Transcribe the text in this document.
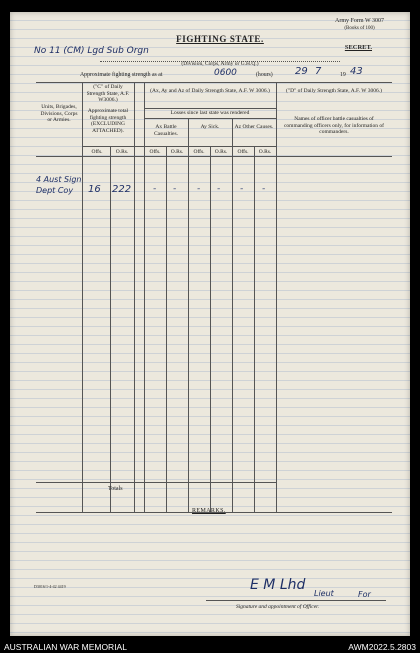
Army Form W 3007
(Books of 100)
FIGHTING STATE.
SECRET.
No 11 (CM) Lgd Sub Orgn
(Division, Corps, Army or G.H.Q.)
Approximate fighting strength as at	0600	(hours) 29 7	19 43
Units, Brigades, Divisions, Corps or Armies.
("C" of Daily Strength State, A.F. W3006.)
Approximate total fighting strength (EXCLUDING ATTACHED).
(Ax, Ay and Az of Daily Strength State, A.F. W 3006.)
Losses since last state was rendered
Ax Battle Casualties.
Ay Sick.	Az Other Causes.
("D" of Daily Strength State, A.F. W 3006.)
Names of officer battle casualties of commanding officers only, for information of commanders.
Offs.	O.Rs.	Offs.	O.Rs.	Offs.	O.Rs.	Offs.	O.Rs.
4 Aust Sign Dept Coy	16 222 - - - - - -
Totals
REMARKS.
D3016/1-4-42 4419	E M Lhd
Lieut	For
Signature and appointment of Officer.
AUSTRALIAN WAR MEMORIAL	AWM2022.5.2803
